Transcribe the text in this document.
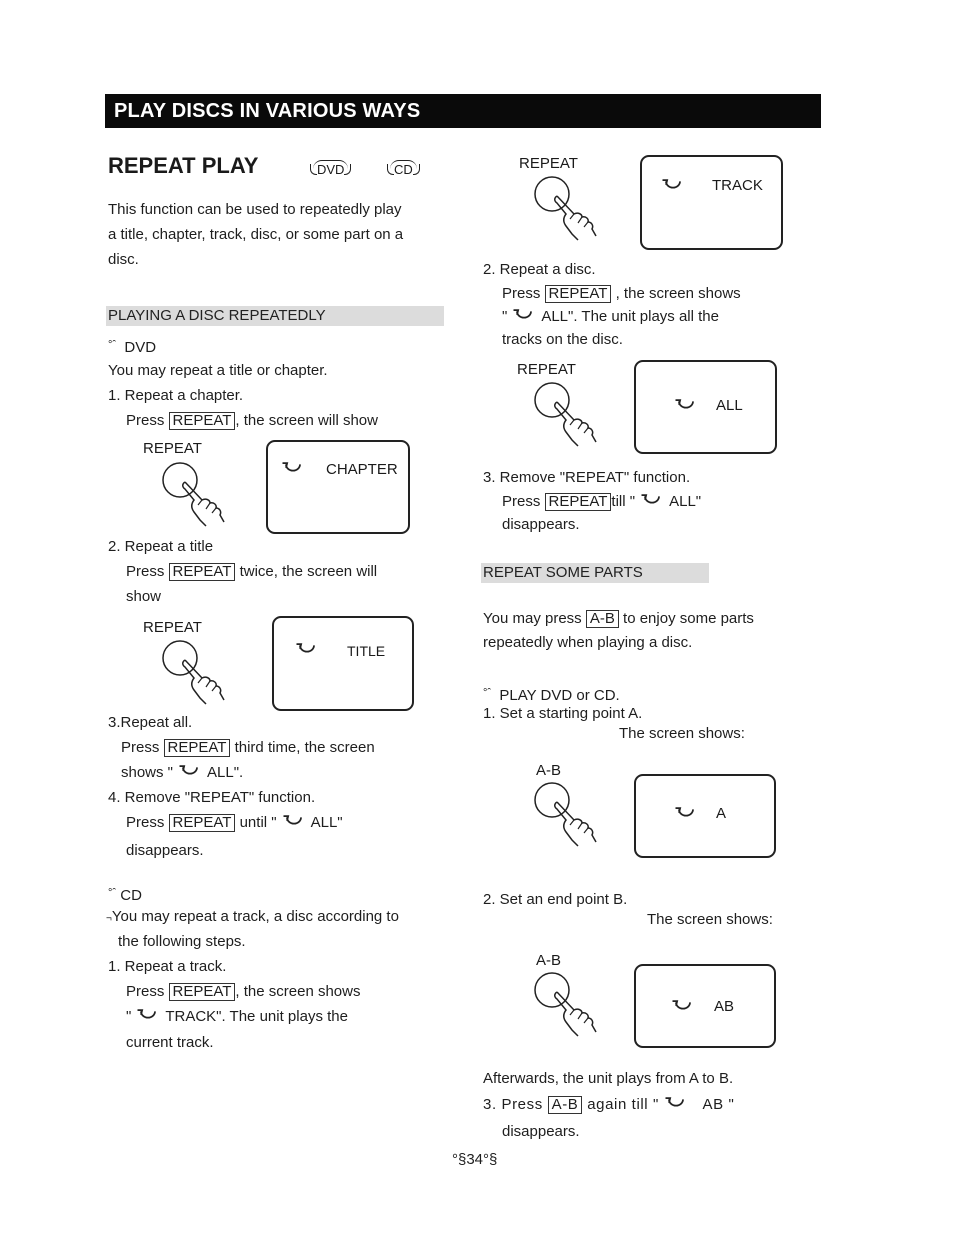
PLAY DISCS IN VARIOUS WAYS
REPEAT PLAY	DVD	CD
This function can be used to repeatedly play
a title, chapter, track, disc, or some part on a
disc.
PLAYING A DISC REPEATEDLY
$^{^\circ ˆ}$ DVD
You may repeat a title or chapter.
1. Repeat a chapter.
Press REPEAT , the screen will show
REPEAT
CHAPTER
2. Repeat a title
Press REPEAT twice, the screen will
show
REPEAT
TITLE
3.Repeat all.
Press REPEAT third time, the screen
shows " ALL".
4. Remove "REPEAT" function.
Press REPEAT until " ALL"
disappears.
$^{^\circ ˆ}$ CD
¬You may repeat a track, a disc according to
the following steps.
1. Repeat a track.
Press REPEAT , the screen shows
" TRACK". The unit plays the
current track.
REPEAT
TRACK
2. Repeat a disc.
Press REPEAT , the screen shows
" ALL". The unit plays all the
tracks on the disc.
REPEAT
ALL
3. Remove "REPEAT" function.
Press REPEAT till " ALL"
disappears.
REPEAT SOME PARTS
You may press A-B to enjoy some parts
repeatedly when playing a disc.
$^{^\circ ˆ}$ PLAY DVD or CD.
1. Set a starting point A.
The screen shows:
A-B
A
2. Set an end point B.
The screen shows:
A-B
AB
Afterwards, the unit plays from A to B.
3. Press A-B again till "	AB "
disappears.
°§34°§
